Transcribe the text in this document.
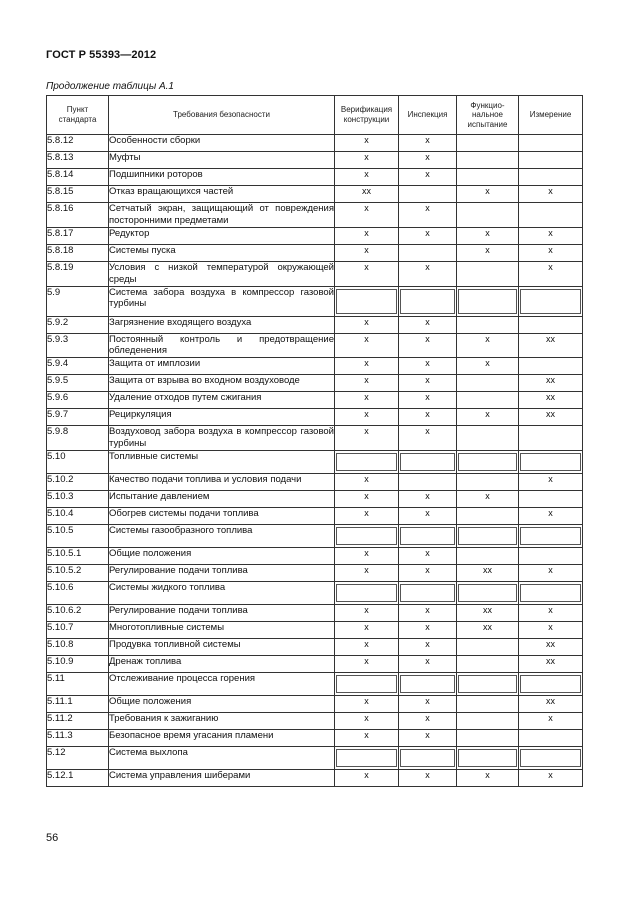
ГОСТ Р 55393—2012
Продолжение таблицы А.1
Пункт стандарта	Требования безопасности	Верификация конструкции	Инспекция	Функциональное испытание	Измерение
5.8.12	Особенности сборки	x	x		
5.8.13	Муфты	x	x		
5.8.14	Подшипники роторов	x	x		
5.8.15	Отказ вращающихся частей	xx		x	x
5.8.16	Сетчатый экран, защищающий от повреждения посторонними предметами	x	x		
5.8.17	Редуктор	x	x	x	x
5.8.18	Системы пуска	x		x	x
5.8.19	Условия с низкой температурой окружающей среды	x	x		x
5.9	Система забора воздуха в компрессор газовой турбины	

5.9.2	Загрязнение входящего воздуха	x	x		
5.9.3	Постоянный контроль и предотвращение обледенения	x	x	x	xx
5.9.4	Защита от имплозии	x	x	x	
5.9.5	Защита от взрыва во входном воздуховоде	x	x		xx
5.9.6	Удаление отходов путем сжигания	x	x		xx
5.9.7	Рециркуляция	x	x	x	xx
5.9.8	Воздуховод забора воздуха в компрессор газовой турбины	x	x		
5.10	Топливные системы	

5.10.2	Качество подачи топлива и условия подачи	x			x
5.10.3	Испытание давлением	x	x	x	
5.10.4	Обогрев системы подачи топлива	x	x		x
5.10.5	Системы газообразного топлива	

5.10.5.1	Общие положения	x	x		
5.10.5.2	Регулирование подачи топлива	x	x	xx	x
5.10.6	Системы жидкого топлива	

5.10.6.2	Регулирование подачи топлива	x	x	xx	x
5.10.7	Многотопливные системы	x	x	xx	x
5.10.8	Продувка топливной системы	x	x		xx
5.10.9	Дренаж топлива	x	x		xx
5.11	Отслеживание процесса горения	

5.11.1	Общие положения	x	x		xx
5.11.2	Требования к зажиганию	x	x		x
5.11.3	Безопасное время угасания пламени	x	x		
5.12	Система выхлопа	

5.12.1	Система управления шиберами	x	x	x	x
56
